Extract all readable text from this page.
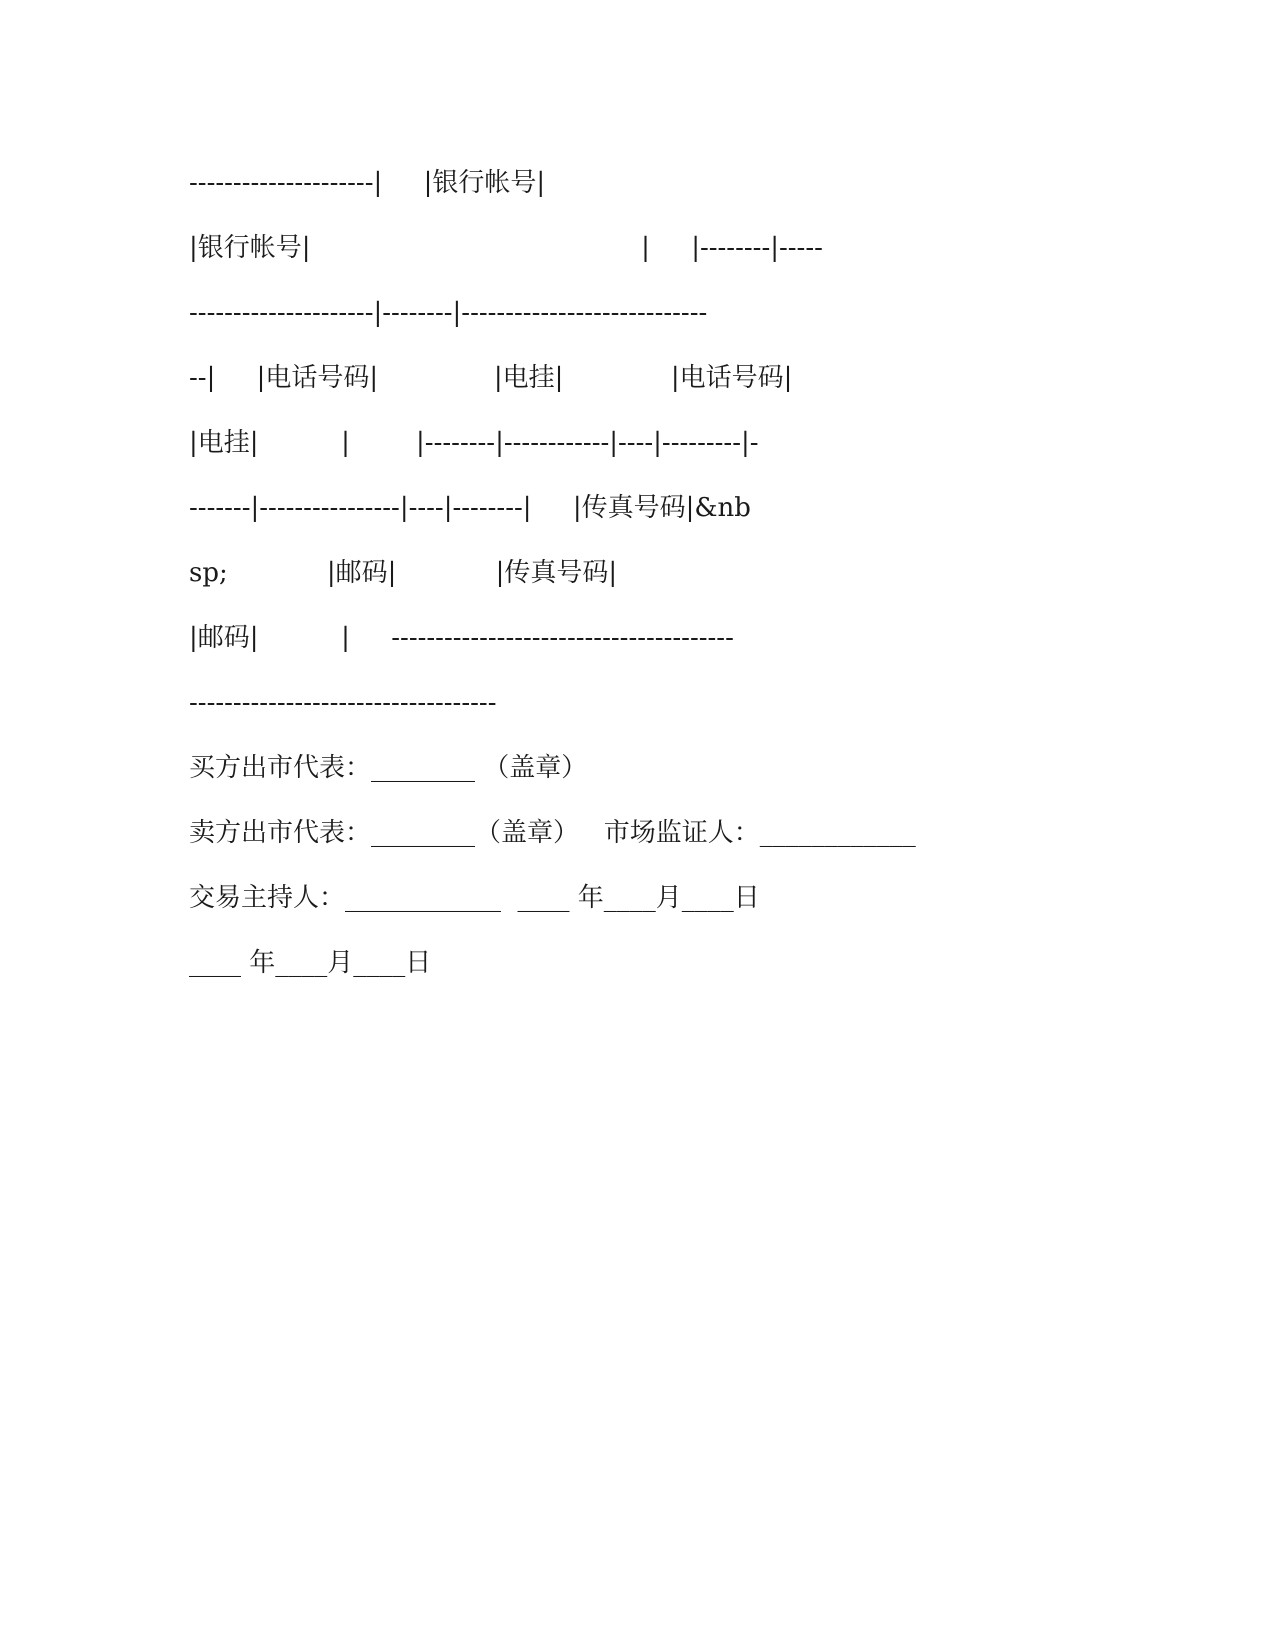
---------------------|     |银行帐号|
|银行帐号|                                        |     |--------|-----
---------------------|--------|----------------------------
--|     |电话号码|              |电挂|             |电话号码|
|电挂|          |        |--------|------------|----|---------|-
-------|----------------|----|--------|     |传真号码|&nb
sp;            |邮码|            |传真号码|
|邮码|          |     ---------------------------------------
-----------------------------------
买方出市代表：________ （盖章）
卖方出市代表：________（盖章）   市场监证人：____________
交易主持人：____________  ____ 年____月____日
____ 年____月____日
